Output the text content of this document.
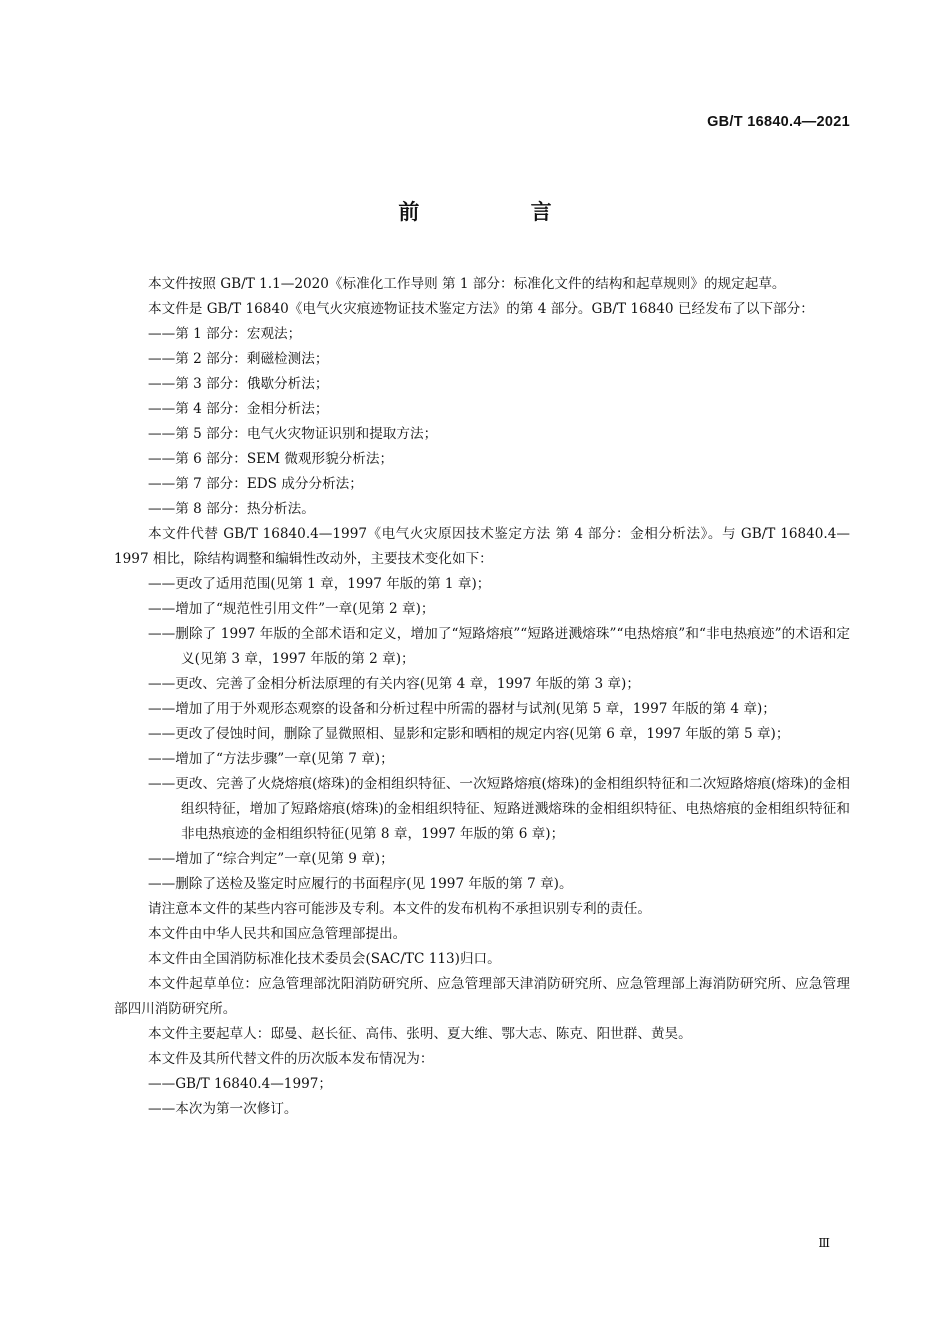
GB/T 16840.4—2021
前 言
本文件按照 GB/T 1.1—2020《标准化工作导则 第 1 部分：标准化文件的结构和起草规则》的规定起草。
本文件是 GB/T 16840《电气火灾痕迹物证技术鉴定方法》的第 4 部分。GB/T 16840 已经发布了以下部分：
——第 1 部分：宏观法；
——第 2 部分：剩磁检测法；
——第 3 部分：俄歇分析法；
——第 4 部分：金相分析法；
——第 5 部分：电气火灾物证识别和提取方法；
——第 6 部分：SEM 微观形貌分析法；
——第 7 部分：EDS 成分分析法；
——第 8 部分：热分析法。
本文件代替 GB/T 16840.4—1997《电气火灾原因技术鉴定方法 第 4 部分：金相分析法》。与 GB/T 16840.4—1997 相比，除结构调整和编辑性改动外，主要技术变化如下：
——更改了适用范围(见第 1 章，1997 年版的第 1 章)；
——增加了“规范性引用文件”一章(见第 2 章)；
——删除了 1997 年版的全部术语和定义，增加了“短路熔痕”“短路迸溅熔珠”“电热熔痕”和“非电热痕迹”的术语和定义(见第 3 章，1997 年版的第 2 章)；
——更改、完善了金相分析法原理的有关内容(见第 4 章，1997 年版的第 3 章)；
——增加了用于外观形态观察的设备和分析过程中所需的器材与试剂(见第 5 章，1997 年版的第 4 章)；
——更改了侵蚀时间，删除了显微照相、显影和定影和晒相的规定内容(见第 6 章，1997 年版的第 5 章)；
——增加了“方法步骤”一章(见第 7 章)；
——更改、完善了火烧熔痕(熔珠)的金相组织特征、一次短路熔痕(熔珠)的金相组织特征和二次短路熔痕(熔珠)的金相组织特征，增加了短路熔痕(熔珠)的金相组织特征、短路迸溅熔珠的金相组织特征、电热熔痕的金相组织特征和非电热痕迹的金相组织特征(见第 8 章，1997 年版的第 6 章)；
——增加了“综合判定”一章(见第 9 章)；
——删除了送检及鉴定时应履行的书面程序(见 1997 年版的第 7 章)。
请注意本文件的某些内容可能涉及专利。本文件的发布机构不承担识别专利的责任。
本文件由中华人民共和国应急管理部提出。
本文件由全国消防标准化技术委员会(SAC/TC 113)归口。
本文件起草单位：应急管理部沈阳消防研究所、应急管理部天津消防研究所、应急管理部上海消防研究所、应急管理部四川消防研究所。
本文件主要起草人：邸曼、赵长征、高伟、张明、夏大维、鄂大志、陈克、阳世群、黄昊。
本文件及其所代替文件的历次版本发布情况为：
——GB/T 16840.4—1997；
——本次为第一次修订。
Ⅲ
